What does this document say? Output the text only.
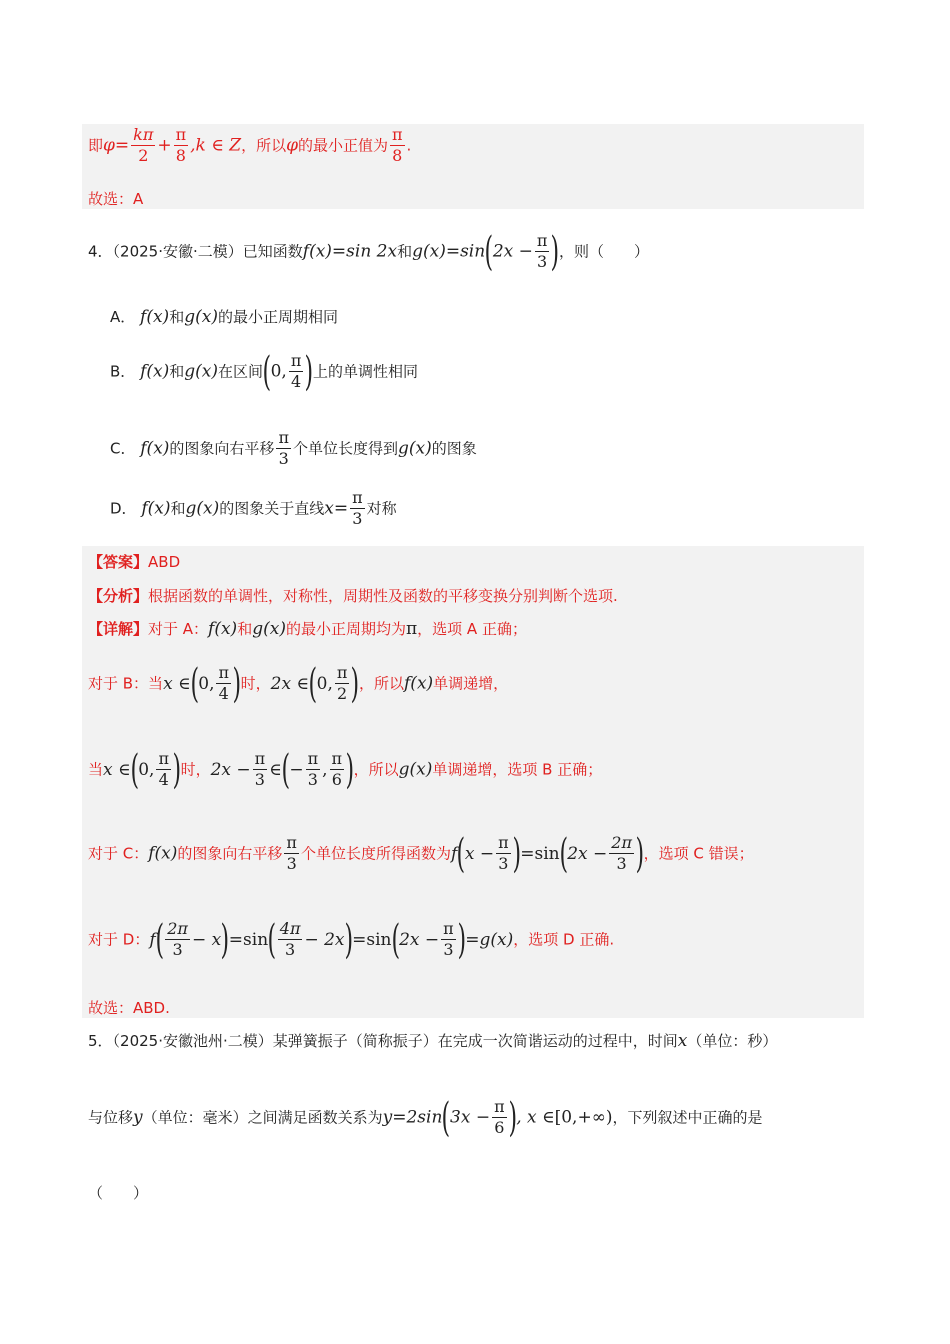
即$\varphi= \frac{k\pi}{2} + \frac{\pi}{8} ,k$ ∈ Z，所以φ的最小正值为 $\frac{\pi}{8}$ .
故选：A
4．（2025·安徽·二模）已知函数f(x)=sin 2x和$g(x)=\sin(2x - \frac{\pi}{3}$ )，则（　　）
A． f(x)和g(x)的最小正周期相同
B． f(x)和g(x)在区间(0, $\frac{\pi}{4}$ )上的单调性相同
C． f(x)的图象向右平移 $\frac{\pi}{3}$ 个单位长度得到g(x)的图象
D． f(x)和g(x)的图象关于直线$x= \frac{\pi}{3}$ 对称
【答案】ABD
【分析】根据函数的单调性，对称性，周期性及函数的平移变换分别判断个选项.
【详解】对于 A：f(x)和g(x)的最小正周期均为π，选项 A 正确；
对于 B：当x ∈(0, $\frac{\pi}{4}$ )时，2x ∈(0, $\frac{\pi}{2}$ )，所以f(x)单调递增，
当x ∈(0, $\frac{\pi}{4}$ )时，$2x - \frac{\pi}{3}$ ∈(− $\frac{\pi}{3}$ , $\frac{\pi}{6}$ )，所以g(x)单调递增，选项 B 正确；
对于 C：f(x)的图象向右平移 $\frac{\pi}{3}$ 个单位长度所得函数为$f(x - \frac{\pi}{3} )=\sin(2x - \frac{2\pi}{3}$ )，选项 C 错误；
对于 D：$f( \frac{2\pi}{3} - x)=\sin( \frac{4\pi}{3} - 2x)=\sin(2x - \frac{\pi}{3} )=g(x)$，选项 D 正确.
故选：ABD.
5．（2025·安徽池州·二模）某弹簧振子（简称振子）在完成一次简谐运动的过程中，时间x（单位：秒）
与位移y（单位：毫米）之间满足函数关系为$y=2\sin(3x - \frac{\pi}{6}$ ), x ∈[0,+∞)，下列叙述中正确的是
（　　）
